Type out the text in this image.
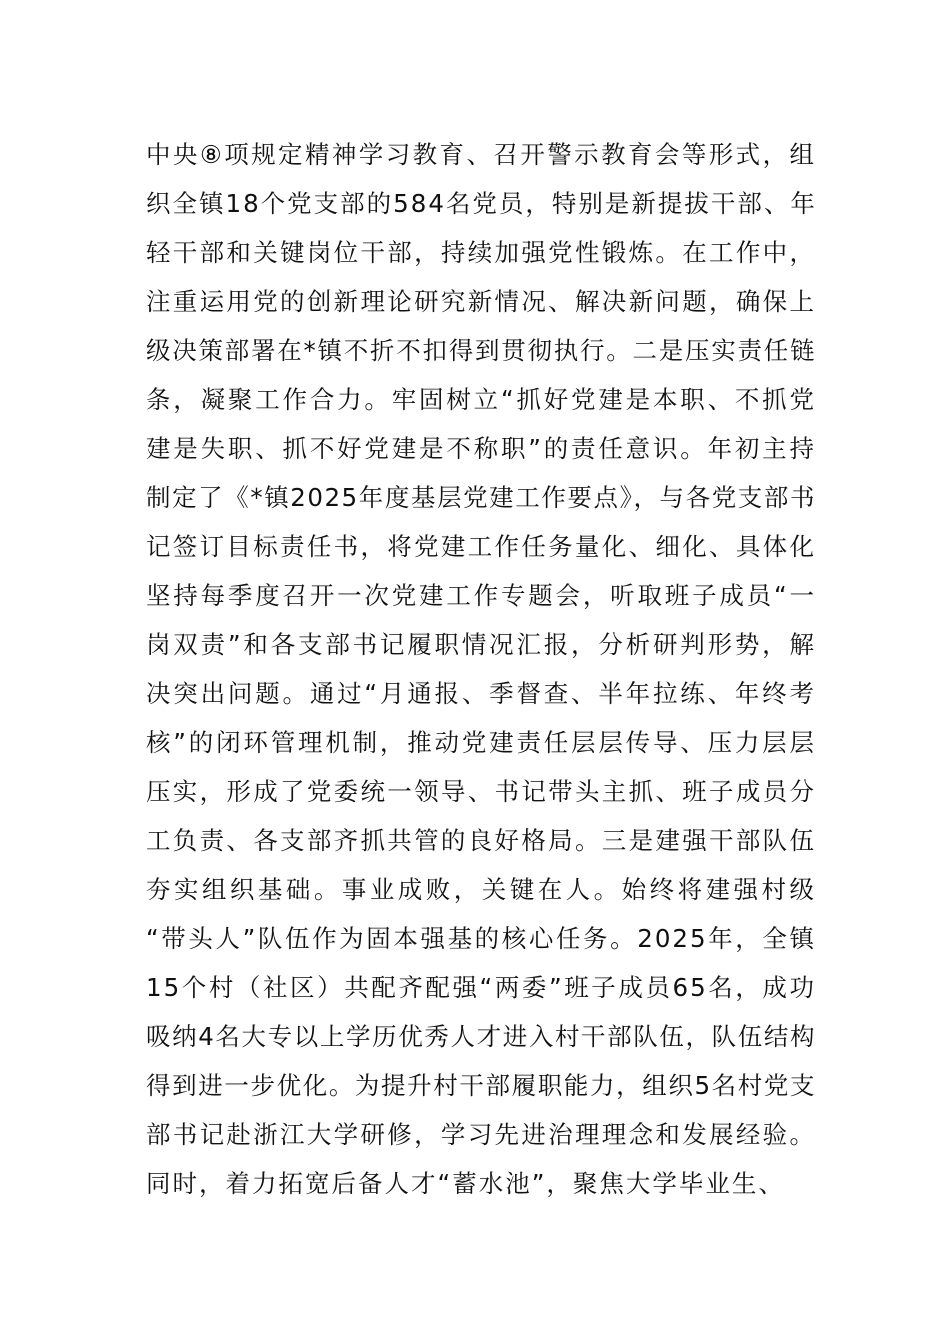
中央⑧项规定精神学习教育、召开警示教育会等形式，组
织全镇18个党支部的584名党员，特别是新提拔干部、年
轻干部和关键岗位干部，持续加强党性锻炼。在工作中，
注重运用党的创新理论研究新情况、解决新问题，确保上
级决策部署在*镇不折不扣得到贯彻执行。二是压实责任链
条，凝聚工作合力。牢固树立“抓好党建是本职、不抓党
建是失职、抓不好党建是不称职”的责任意识。年初主持
制定了《*镇2025年度基层党建工作要点》，与各党支部书
记签订目标责任书，将党建工作任务量化、细化、具体化
坚持每季度召开一次党建工作专题会，听取班子成员“一
岗双责”和各支部书记履职情况汇报，分析研判形势，解
决突出问题。通过“月通报、季督查、半年拉练、年终考
核”的闭环管理机制，推动党建责任层层传导、压力层层
压实，形成了党委统一领导、书记带头主抓、班子成员分
工负责、各支部齐抓共管的良好格局。三是建强干部队伍
夯实组织基础。事业成败，关键在人。始终将建强村级
“带头人”队伍作为固本强基的核心任务。2025年，全镇
15个村（社区）共配齐配强“两委”班子成员65名，成功
吸纳4名大专以上学历优秀人才进入村干部队伍，队伍结构
得到进一步优化。为提升村干部履职能力，组织5名村党支
部书记赴浙江大学研修，学习先进治理理念和发展经验。
同时，着力拓宽后备人才“蓄水池”，聚焦大学毕业生、
